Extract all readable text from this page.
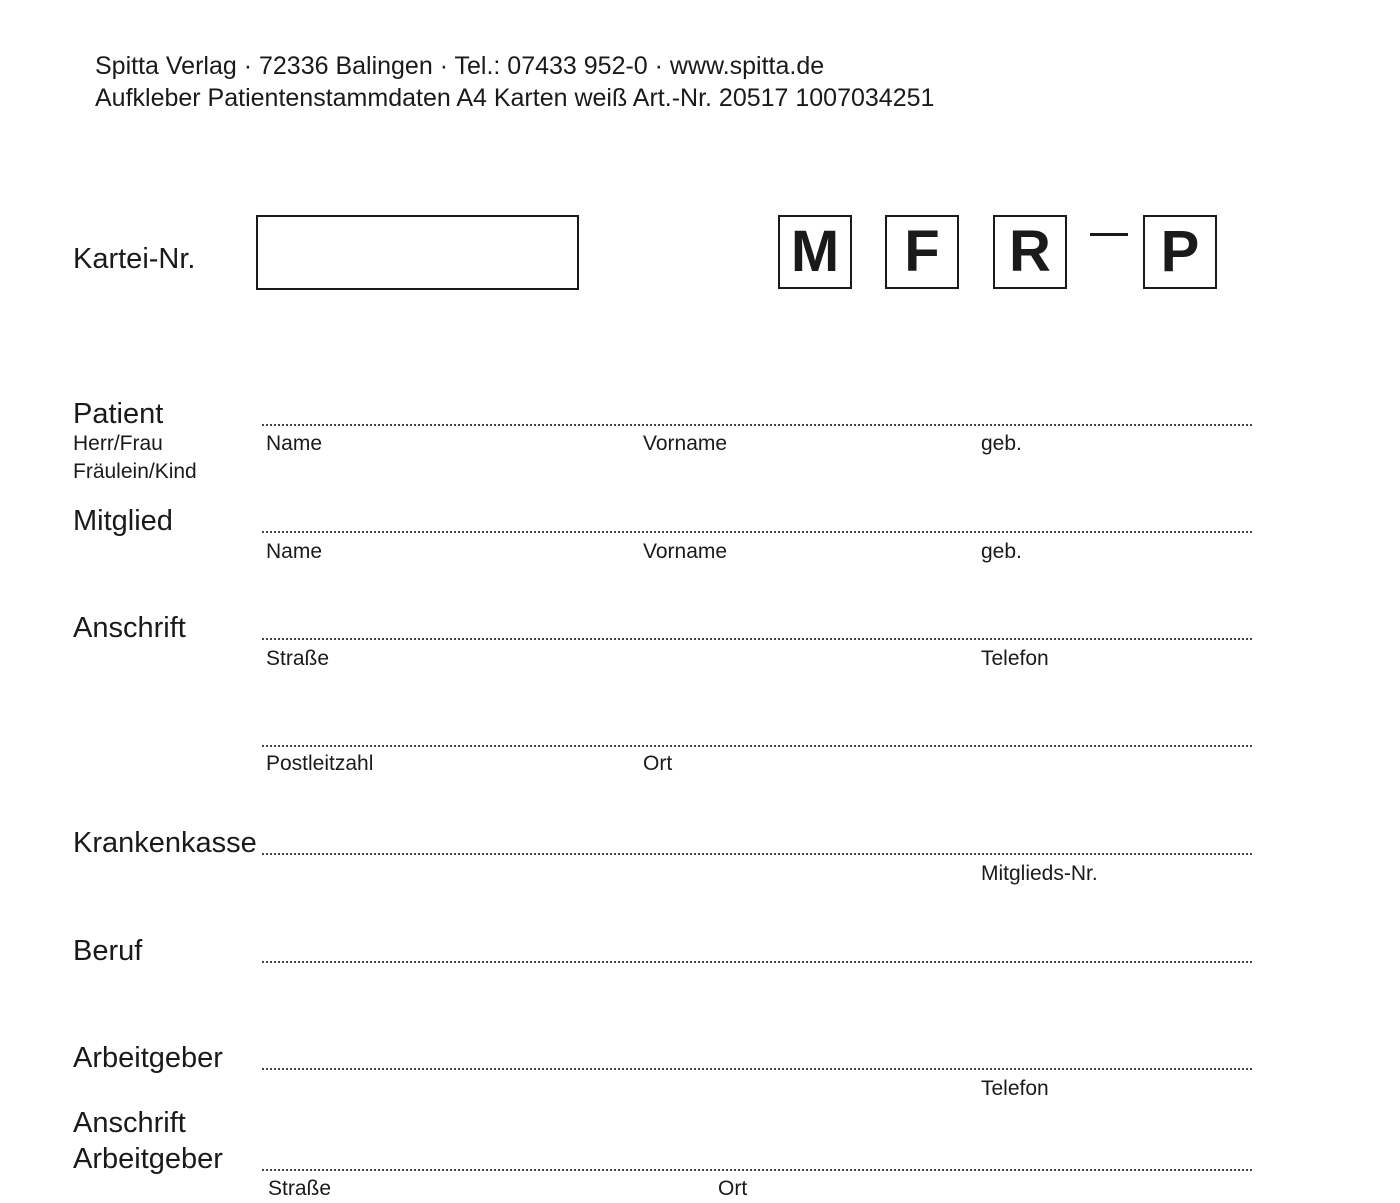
Spitta Verlag · 72336 Balingen · Tel.: 07433 952-0 · www.spitta.de
Aufkleber Patientenstammdaten A4 Karten weiß Art.-Nr. 20517 1007034251
Kartei-Nr.	M	F	R	P
Patient
Herr/Frau
Fräulein/Kind
Name	Vorname	geb.
Mitglied
Name	Vorname	geb.
Anschrift
Straße	Telefon
Postleitzahl	Ort
Krankenkasse
Mitglieds-Nr.
Beruf
Arbeitgeber
Telefon
Anschrift
Arbeitgeber
Straße	Ort
